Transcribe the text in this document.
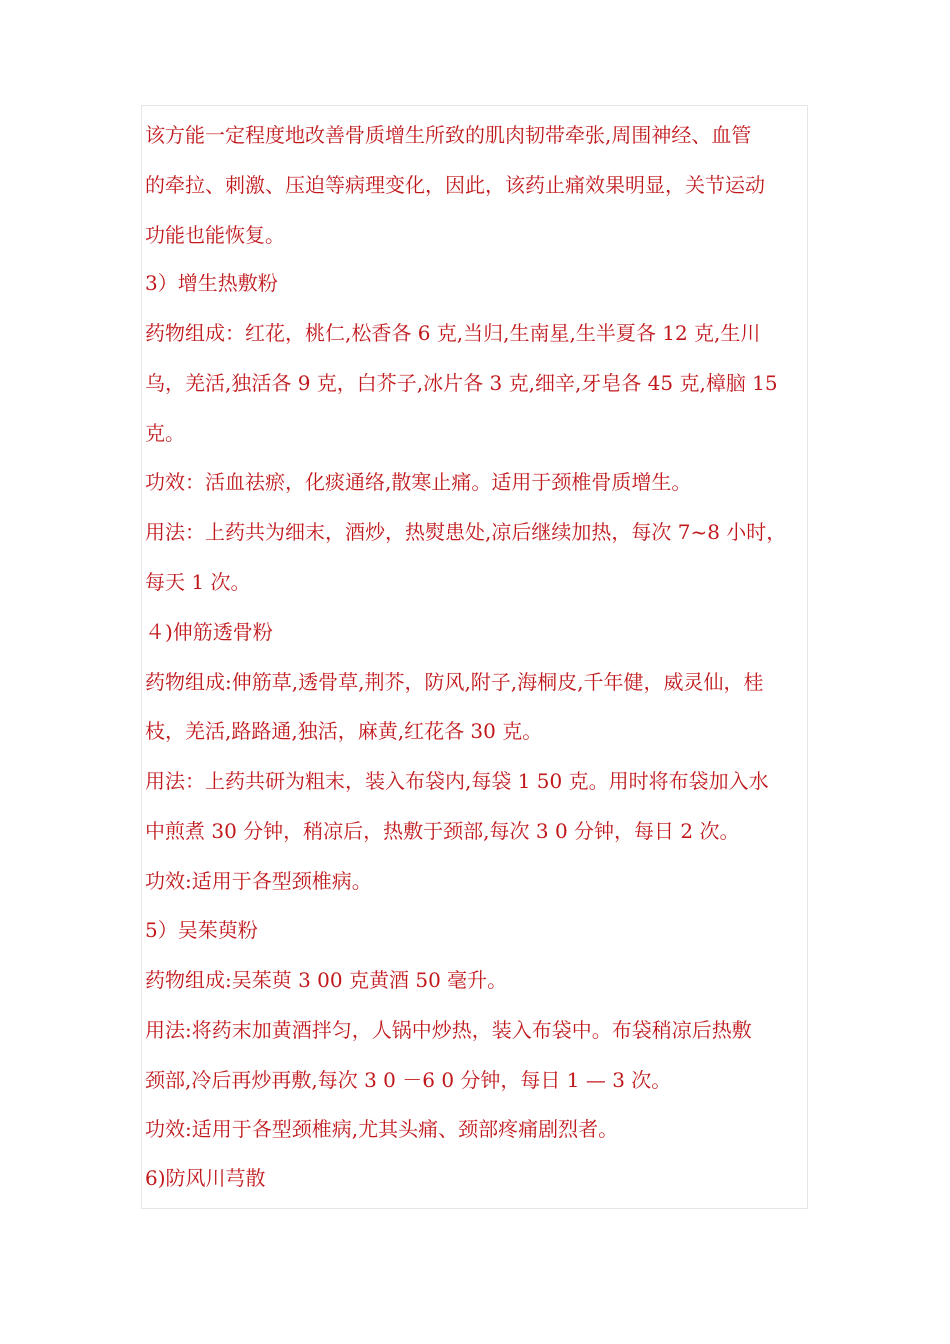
该方能一定程度地改善骨质增生所致的肌肉韧带牵张,周围神经、血管
的牵拉、刺激、压迫等病理变化，因此，该药止痛效果明显，关节运动
功能也能恢复。
3）增生热敷粉
药物组成：红花，桃仁,松香各 6 克,当归,生南星,生半夏各 12 克,生川
乌，羌活,独活各 9 克，白芥子,冰片各 3 克,细辛,牙皂各 45 克,樟脑 15
克。
功效：活血祛瘀，化痰通络,散寒止痛。适用于颈椎骨质增生。
用法：上药共为细末，酒炒，热熨患处,凉后继续加热，每次 7~8 小时，
每天 1 次。
４)伸筋透骨粉
药物组成:伸筋草,透骨草,荆芥，防风,附子,海桐皮,千年健，威灵仙，桂
枝，羌活,路路通,独活，麻黄,红花各 30 克。
用法：上药共研为粗末，装入布袋内,每袋 1 50 克。用时将布袋加入水
中煎煮 30 分钟，稍凉后，热敷于颈部,每次 3 0 分钟，每日 2 次。
功效:适用于各型颈椎病。
5）吴茱萸粉
药物组成:吴茱萸 3 00 克黄酒 50 毫升。
用法:将药末加黄酒拌匀，人锅中炒热，装入布袋中。布袋稍凉后热敷
颈部,冷后再炒再敷,每次 3 0 －6 0 分钟，每日 1 — 3 次。
功效:适用于各型颈椎病,尤其头痛、颈部疼痛剧烈者。
6)防风川芎散
